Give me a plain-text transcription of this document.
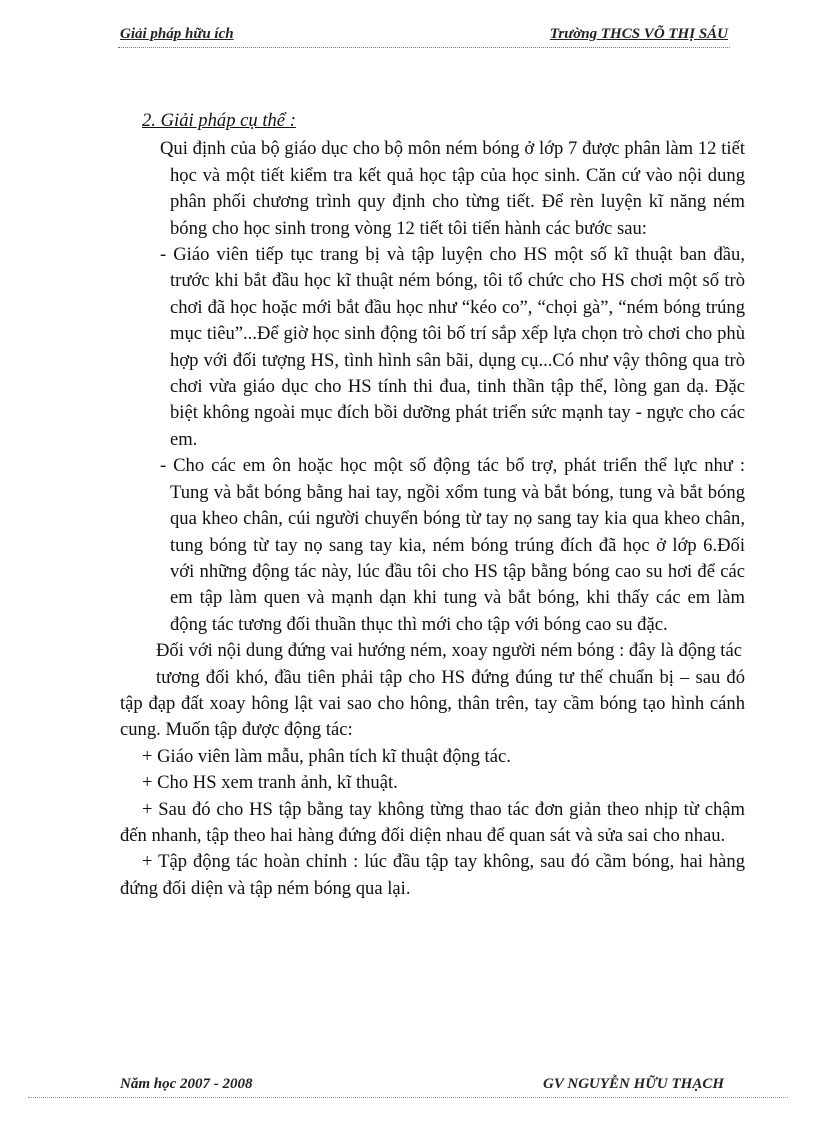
Giải pháp hữu ích	Trường THCS VÕ THỊ SÁU
2. Giải pháp cụ thể :

Qui định của bộ giáo dục cho bộ môn ném bóng ở lớp 7 được phân làm 12 tiết học và một tiết kiểm tra kết quả học tập của học sinh. Căn cứ vào nội dung phân phối chương trình quy định cho từng tiết. Để rèn luyện kĩ năng ném bóng cho học sinh trong vòng 12 tiết tôi tiến hành các bước sau:

- Giáo viên tiếp tục trang bị và tập luyện cho HS một số kĩ thuật ban đầu, trước khi bắt đầu học kĩ thuật ném bóng, tôi tổ chức cho HS chơi một số trò chơi đã học hoặc mới bắt đầu học như “kéo co”, “chọi gà”, “ném bóng trúng mục tiêu”...Để giờ học sinh động tôi bố trí sắp xếp lựa chọn trò chơi cho phù hợp với đối tượng HS, tình hình sân bãi, dụng cụ...Có như vậy thông qua trò chơi vừa giáo dục cho HS tính thi đua, tinh thần tập thể, lòng gan dạ. Đặc biệt không ngoài mục đích bồi dưỡng phát triển sức mạnh tay - ngực cho các em.

- Cho các em ôn hoặc học một số động tác bổ trợ, phát triển thể lực như : Tung và bắt bóng bằng hai tay, ngồi xổm tung và bắt bóng, tung và bắt bóng qua kheo chân, cúi người chuyển bóng từ tay nọ sang tay kia qua kheo chân, tung bóng từ tay nọ sang tay kia, ném bóng trúng đích đã học ở lớp 6.Đối với những động tác này, lúc đầu tôi cho HS tập bằng bóng cao su hơi để các em tập làm quen và mạnh dạn khi tung và bắt bóng, khi thấy các em làm động tác tương đối thuần thục thì mới cho tập với bóng cao su đặc.

Đối với nội dung đứng vai hướng ném, xoay người ném bóng : đây là động tác

tương đối khó, đầu tiên phải tập cho HS đứng đúng tư thế chuẩn bị – sau đó tập đạp đất xoay hông lật vai sao cho hông, thân trên, tay cầm bóng tạo hình cánh cung. Muốn tập được động tác:

+ Giáo viên làm mẫu, phân tích kĩ thuật động tác.

+ Cho HS xem tranh ảnh, kĩ thuật.

+ Sau đó cho HS tập bằng tay không từng thao tác đơn giản theo nhịp từ chậm đến nhanh, tập theo hai hàng đứng đối diện nhau để quan sát và sửa sai cho nhau.

+ Tập động tác hoàn chỉnh : lúc đầu tập tay không, sau đó cầm bóng, hai hàng đứng đối diện và tập ném bóng qua lại.

Năm học 2007 - 2008	GV NGUYỄN HỮU THẠCH
